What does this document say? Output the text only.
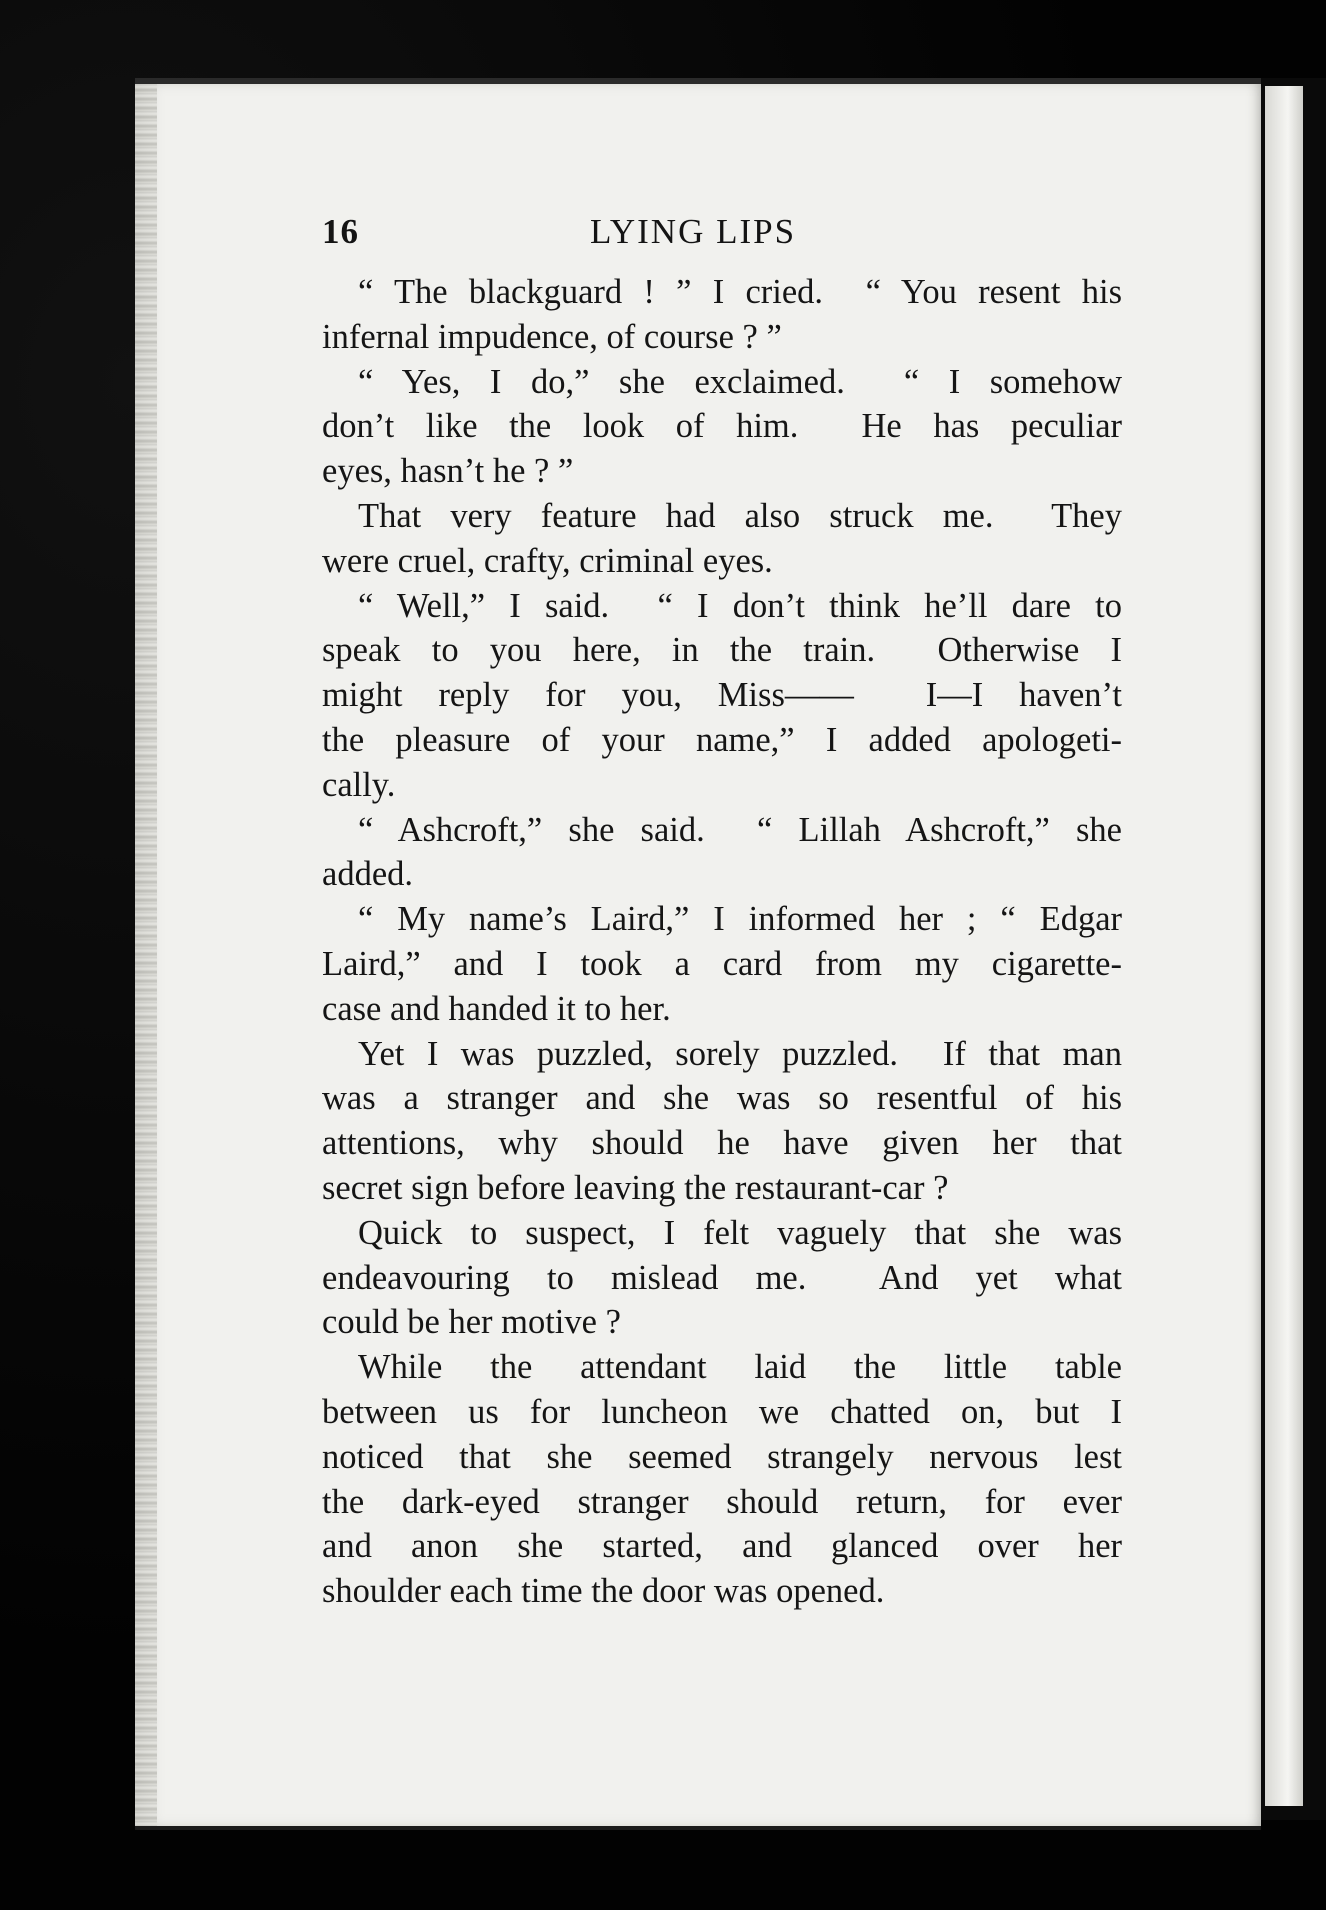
16	LYING LIPS
“ The blackguard ! ” I cried.  “ You resent his
infernal impudence, of course ? ”
“ Yes, I do,” she exclaimed.  “ I somehow
don’t like the look of him.  He has peculiar
eyes, hasn’t he ? ”
That very feature had also struck me.  They
were cruel, crafty, criminal eyes.
“ Well,” I said.  “ I don’t think he’ll dare to
speak to you here, in the train.  Otherwise I
might reply for you, Miss——  I—I haven’t
the pleasure of your name,” I added apologeti-
cally.
“ Ashcroft,” she said.  “ Lillah Ashcroft,” she
added.
“ My name’s Laird,” I informed her ; “ Edgar
Laird,” and I took a card from my cigarette-
case and handed it to her.
Yet I was puzzled, sorely puzzled.  If that man
was a stranger and she was so resentful of his
attentions, why should he have given her that
secret sign before leaving the restaurant-car ?
Quick to suspect, I felt vaguely that she was
endeavouring to mislead me.  And yet what
could be her motive ?
While the attendant laid the little table
between us for luncheon we chatted on, but I
noticed that she seemed strangely nervous lest
the dark-eyed stranger should return, for ever
and anon she started, and glanced over her
shoulder each time the door was opened.
